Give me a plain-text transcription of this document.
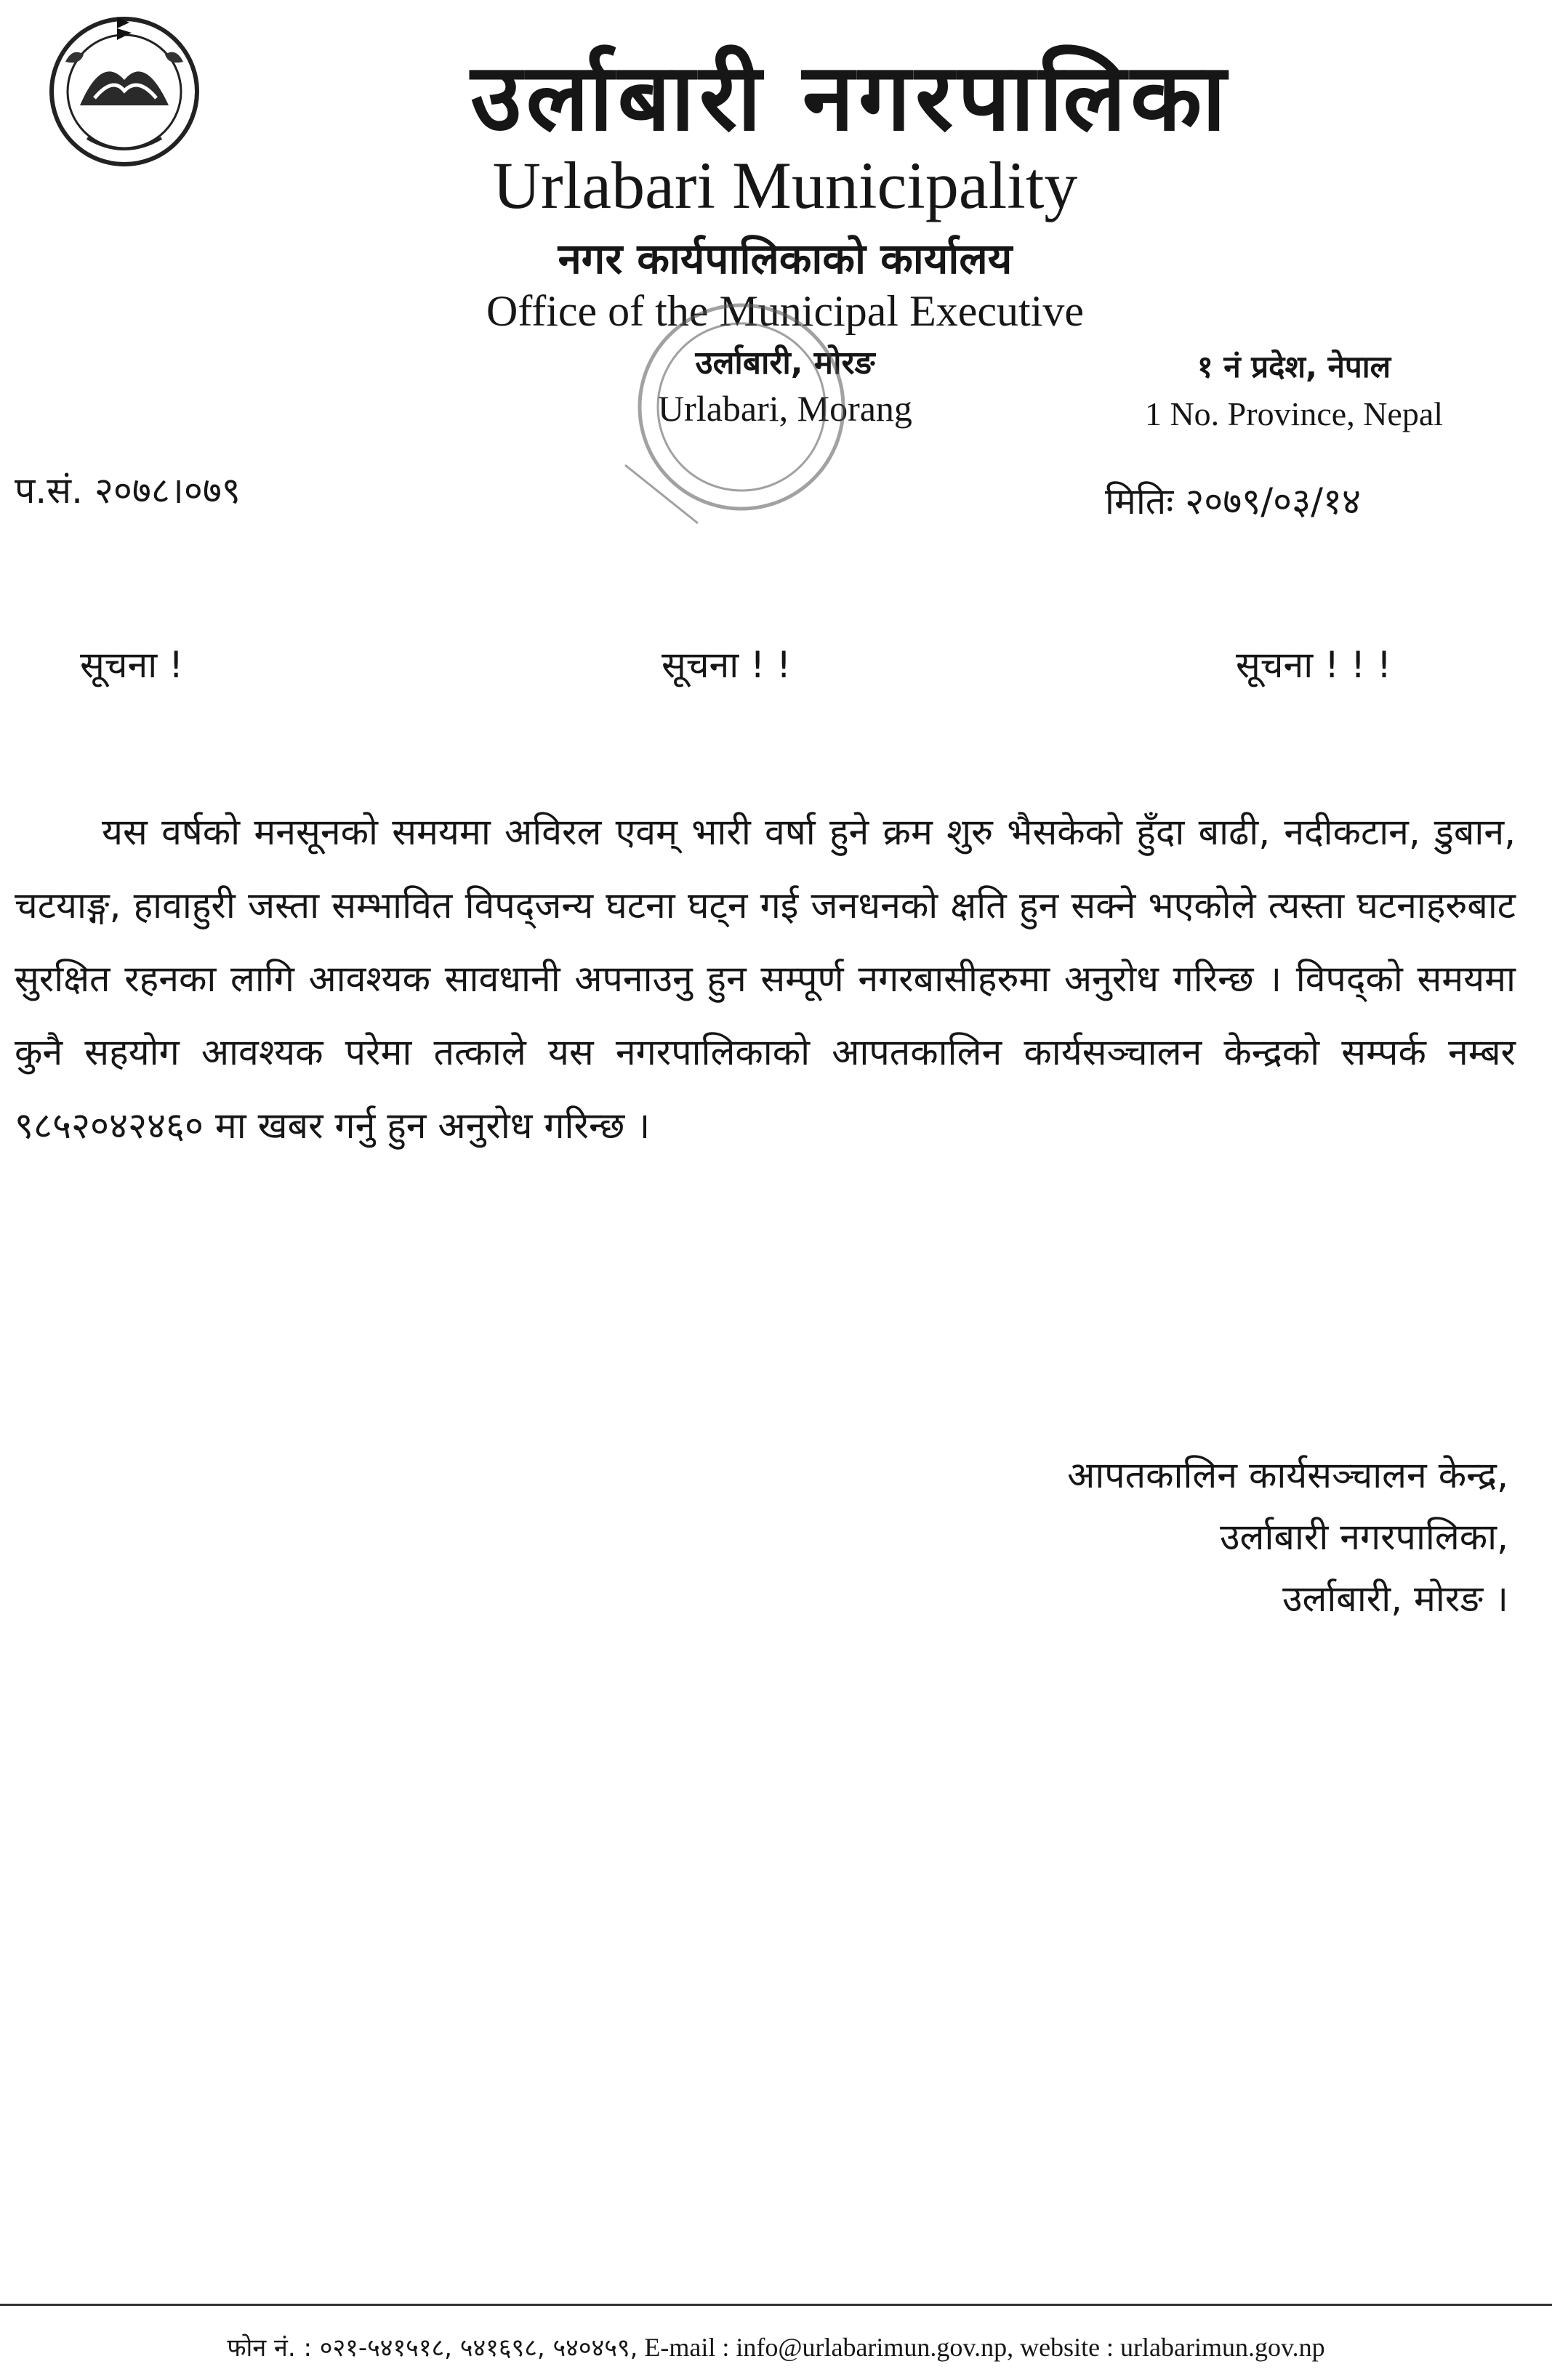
उर्लाबारी नगरपालिका
Urlabari Municipality
नगर कार्यपालिकाको कार्यालय
Office of the Municipal Executive
उर्लाबारी, मोरङ
Urlabari, Morang
१ नं प्रदेश, नेपाल
1 No. Province, Nepal
प.सं. २०७८।०७९	मितिः २०७९/०३/१४
सूचना !	सूचना ! !	सूचना ! ! !
यस वर्षको मनसूनको समयमा अविरल एवम् भारी वर्षा हुने क्रम शुरु भैसकेको हुँदा बाढी, नदीकटान, डुबान, चटयाङ्ग, हावाहुरी जस्ता सम्भावित विपद्जन्य घटना घट्न गई जनधनको क्षति हुन सक्ने भएकोले त्यस्ता घटनाहरुबाट सुरक्षित रहनका लागि आवश्यक सावधानी अपनाउनु हुन सम्पूर्ण नगरबासीहरुमा अनुरोध गरिन्छ । विपद्को समयमा कुनै सहयोग आवश्यक परेमा तत्काले यस नगरपालिकाको आपतकालिन कार्यसञ्चालन केन्द्रको सम्पर्क नम्बर ९८५२०४२४६० मा खबर गर्नु हुन अनुरोध गरिन्छ ।
आपतकालिन कार्यसञ्चालन केन्द्र,
उर्लाबारी नगरपालिका,
उर्लाबारी, मोरङ ।
फोन नं. : ०२१-५४१५१८, ५४१६९८, ५४०४५९, E-mail : info@urlabarimun.gov.np, website : urlabarimun.gov.np
